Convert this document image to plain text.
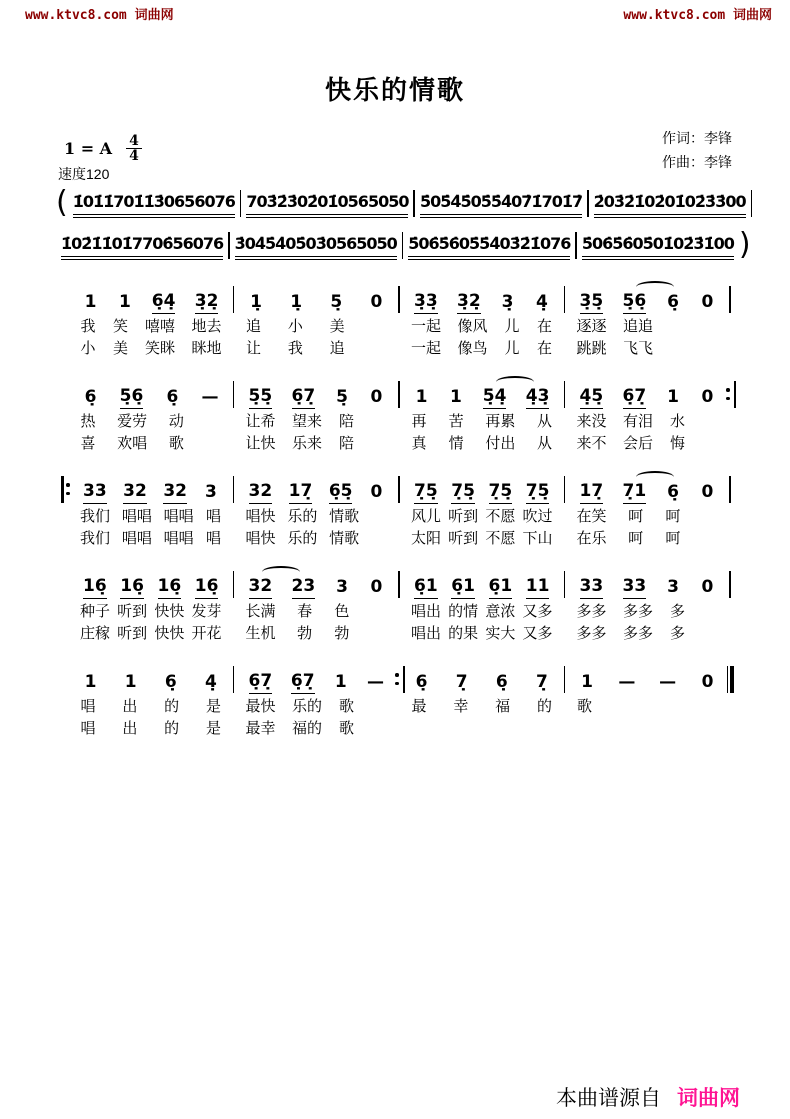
www.ktvc8.com 词曲网	www.ktvc8.com 词曲网
快乐的情歌
作词：李锋
作曲：李锋
1 = A $\frac{4}{4}$
速度120
( 1̇01̇1̇ 701̇1̇ 3̇065 6076 703̇2̇ 3̇02̇0 1̇056 5050 5̇05̇4̇ 5̇05̇5̇ 4̇07̇1̇ 701̇7̇ 2̇03̇2̇ 1̇02̇0 1̇02̇3̇ 3̇00
1̇02̇1̇ 1̇01̇7 706̇5 6076 3̇04̇5̇ 4̇05̇0 3̇056 5050 5̇06̇5̇ 6̇05̇5̇ 4̇03̇2̇ 1̇076 5̇06̇5̇ 6̇05̇0 1̇02̇3̇ 1̇00 )
1 1 6̣4̣ 3̣2̣ 1̣ 1̣ 5̣ 0 3̣3̣ 3̣2̣ 3̣ 4̣ 3̣5̣ 5̣6̣ 6̣ 0
我 笑 嘻嘻 地去 追 小 美	一起 像风 儿 在 逐逐 追追
小 美 笑眯 眯地 让 我 追	一起 像鸟 儿 在 跳跳 飞飞
6̣ 5̣6̣ 6̣ — 5̣5̣ 6̣7̣ 5̣ 0 1 1 5̣4̣ 4̣3̣ 4̣5̣ 6̣7̣ 1 0
热 爱劳 动	让希 望来 陪	再 苦 再累 从 来没 有泪 水
喜 欢唱 歌	让快 乐来 陪	真 情 付出 从 来不 会后 悔
33 32 32 3 32 17̣ 6̣5̣ 0 7̣5̣ 7̣5̣ 7̣5̣ 7̣5̣ 17̣ 7̣1 6̣ 0
我们 唱唱 唱唱 唱 唱快 乐的 情歌	风儿 听到 不愿 吹过 在笑 呵 呵
我们 唱唱 唱唱 唱 唱快 乐的 情歌	太阳 听到 不愿 下山 在乐 呵 呵
16̣ 16̣ 16̣ 16̣ 32 23 3 0 6̣1 6̣1 6̣1 11 33 33 3 0
种子 听到 快快 发芽 长满 春 色	唱出 的情 意浓 又多 多多 多多 多
庄稼 听到 快快 开花 生机 勃 勃	唱出 的果 实大 又多 多多 多多 多
1 1 6̣ 4̣ 6̣7̣ 6̣7̣ 1 — 6̣ 7̣ 6̣ 7̣ 1 — — 0
唱 出 的 是 最快 乐的 歌	最 幸 福 的 歌
唱 出 的 是 最幸 福的 歌
本曲谱源自 词曲网
